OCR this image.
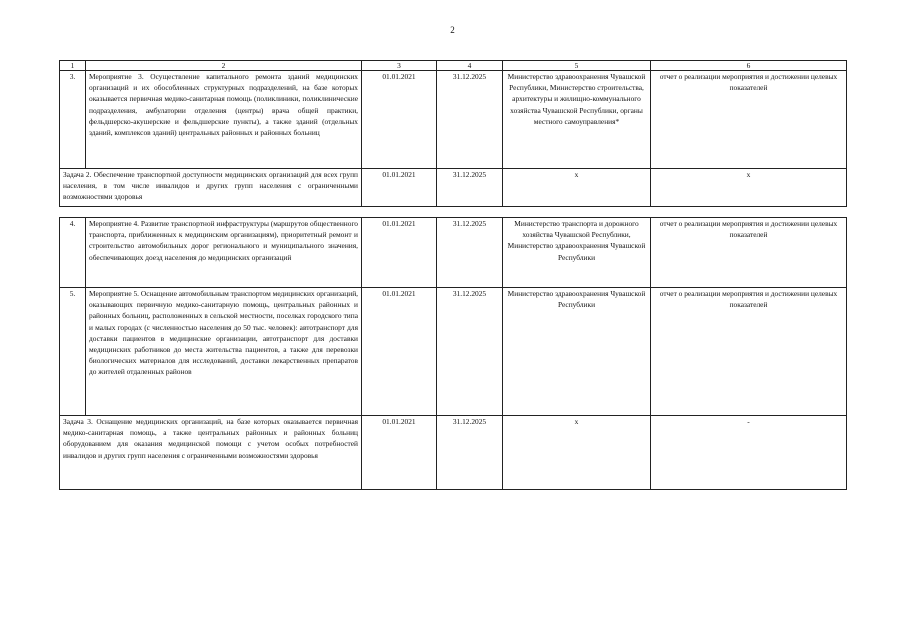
2
1	2	3	4	5	6
3.	Мероприятие 3. Осуществление капитального ремонта зданий медицинских организаций и их обособленных структурных подразделений, на базе которых оказывается первичная медико-санитарная помощь (поликлиники, поликлинические подразделения, амбулатории отделения (центры) врача общей практики, фельдшерско-акушерские и фельдшерские пункты), а также зданий (отдельных зданий, комплексов зданий) центральных районных и районных больниц	01.01.2021	31.12.2025	Министерство здравоохранения Чувашской Республики, Министерство строительства, архитектуры и жилищно-коммунального хозяйства Чувашской Республики, органы местного самоуправления*	отчет о реализации мероприятия и достижении целевых показателей
Задача 2. Обеспечение транспортной доступности медицинских организаций для всех групп населения, в том числе инвалидов и других групп населения с ограниченными возможностями здоровья		01.01.2021	31.12.2025	x	x

4.	Мероприятие 4. Развитие транспортной инфраструктуры (маршрутов общественного транспорта, приближенных к медицинским организациям), приоритетный ремонт и строительство автомобильных дорог регионального и муниципального значения, обеспечивающих доезд населения до медицинских организаций	01.01.2021	31.12.2025	Министерство транспорта и дорожного хозяйства Чувашской Республики, Министерство здравоохранения Чувашской Республики	отчет о реализации мероприятия и достижении целевых показателей
5.	Мероприятие 5. Оснащение автомобильным транспортом медицинских организаций, оказывающих первичную медико-санитарную помощь, центральных районных и районных больниц, расположенных в сельской местности, поселках городского типа и малых городах (с численностью населения до 50 тыс. человек): автотранспорт для доставки пациентов в медицинские организации, автотранспорт для доставки медицинских работников до места жительства пациентов, а также для перевозки биологических материалов для исследований, доставки лекарственных препаратов до жителей отдаленных районов	01.01.2021	31.12.2025	Министерство здравоохранения Чувашской Республики	отчет о реализации мероприятия и достижении целевых показателей
Задача 3. Оснащение медицинских организаций, на базе которых оказывается первичная медико-санитарная помощь, а также центральных районных и районных больниц оборудованием для оказания медицинской помощи с учетом особых потребностей инвалидов и других групп населения с ограниченными возможностями здоровья		01.01.2021	31.12.2025	x	-
